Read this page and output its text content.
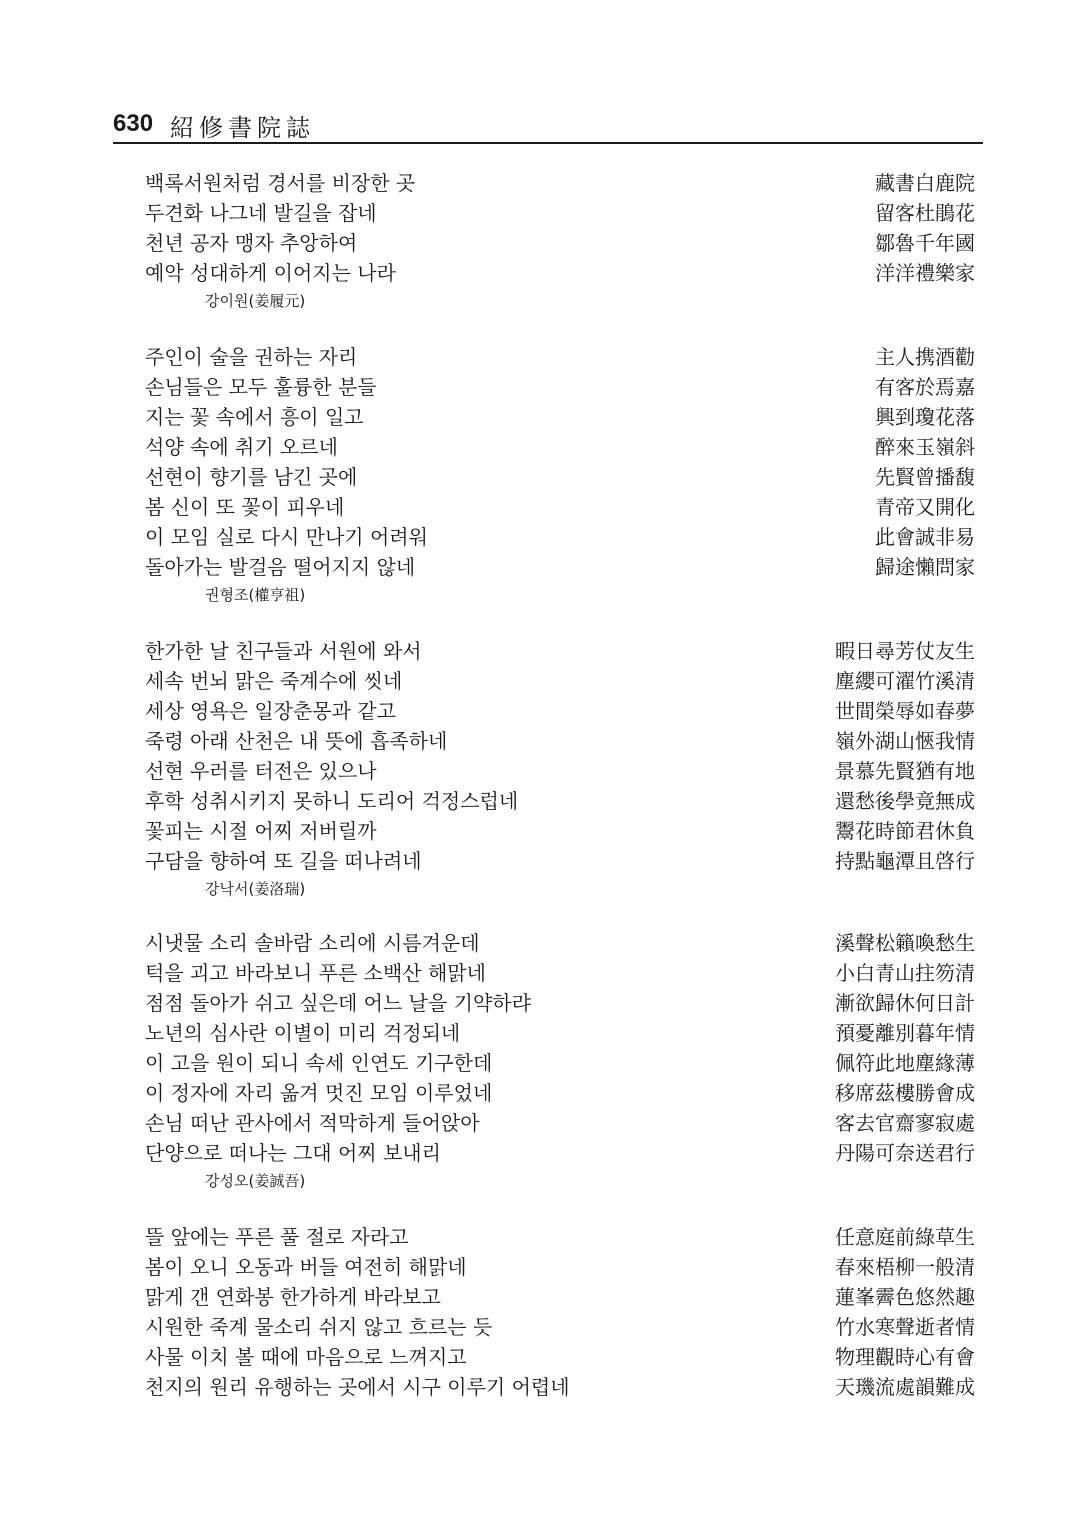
630 紹修書院誌
백록서원처럼 경서를 비장한 곳	藏書白鹿院
두견화 나그네 발길을 잡네	留客杜鵑花
천년 공자 맹자 추앙하여	鄒魯千年國
예악 성대하게 이어지는 나라	洋洋禮樂家
강이원(姜履元)
주인이 술을 권하는 자리	主人携酒勸
손님들은 모두 훌륭한 분들	有客於焉嘉
지는 꽃 속에서 흥이 일고	興到瓊花落
석양 속에 취기 오르네	醉來玉嶺斜
선현이 향기를 남긴 곳에	先賢曾播馥
봄 신이 또 꽃이 피우네	青帝又開化
이 모임 실로 다시 만나기 어려워	此會誠非易
돌아가는 발걸음 떨어지지 않네	歸途懶問家
권형조(權亨祖)
한가한 날 친구들과 서원에 와서	暇日尋芳仗友生
세속 번뇌 맑은 죽계수에 씻네	塵纓可濯竹溪清
세상 영욕은 일장춘몽과 같고	世間榮辱如春夢
죽령 아래 산천은 내 뜻에 흡족하네	嶺外湖山愜我情
선현 우러를 터전은 있으나	景慕先賢猶有地
후학 성취시키지 못하니 도리어 걱정스럽네	還愁後學竟無成
꽃피는 시절 어찌 저버릴까	鬻花時節君休負
구담을 향하여 또 길을 떠나려네	持點龜潭且啓行
강낙서(姜洛瑞)
시냇물 소리 솔바람 소리에 시름겨운데	溪聲松籟喚愁生
턱을 괴고 바라보니 푸른 소백산 해맑네	小白青山拄笏清
점점 돌아가 쉬고 싶은데 어느 날을 기약하랴	漸欲歸休何日計
노년의 심사란 이별이 미리 걱정되네	預憂離別暮年情
이 고을 원이 되니 속세 인연도 기구한데	佩符此地塵緣薄
이 정자에 자리 옮겨 멋진 모임 이루었네	移席茲樓勝會成
손님 떠난 관사에서 적막하게 들어앉아	客去官齋寥寂處
단양으로 떠나는 그대 어찌 보내리	丹陽可奈送君行
강성오(姜誠吾)
뜰 앞에는 푸른 풀 절로 자라고	任意庭前綠草生
봄이 오니 오동과 버들 여전히 해맑네	春來梧柳一般清
맑게 갠 연화봉 한가하게 바라보고	蓮峯霽色悠然趣
시원한 죽계 물소리 쉬지 않고 흐르는 듯	竹水寒聲逝者情
사물 이치 볼 때에 마음으로 느껴지고	物理觀時心有會
천지의 원리 유행하는 곳에서 시구 이루기 어렵네	天璣流處韻難成
